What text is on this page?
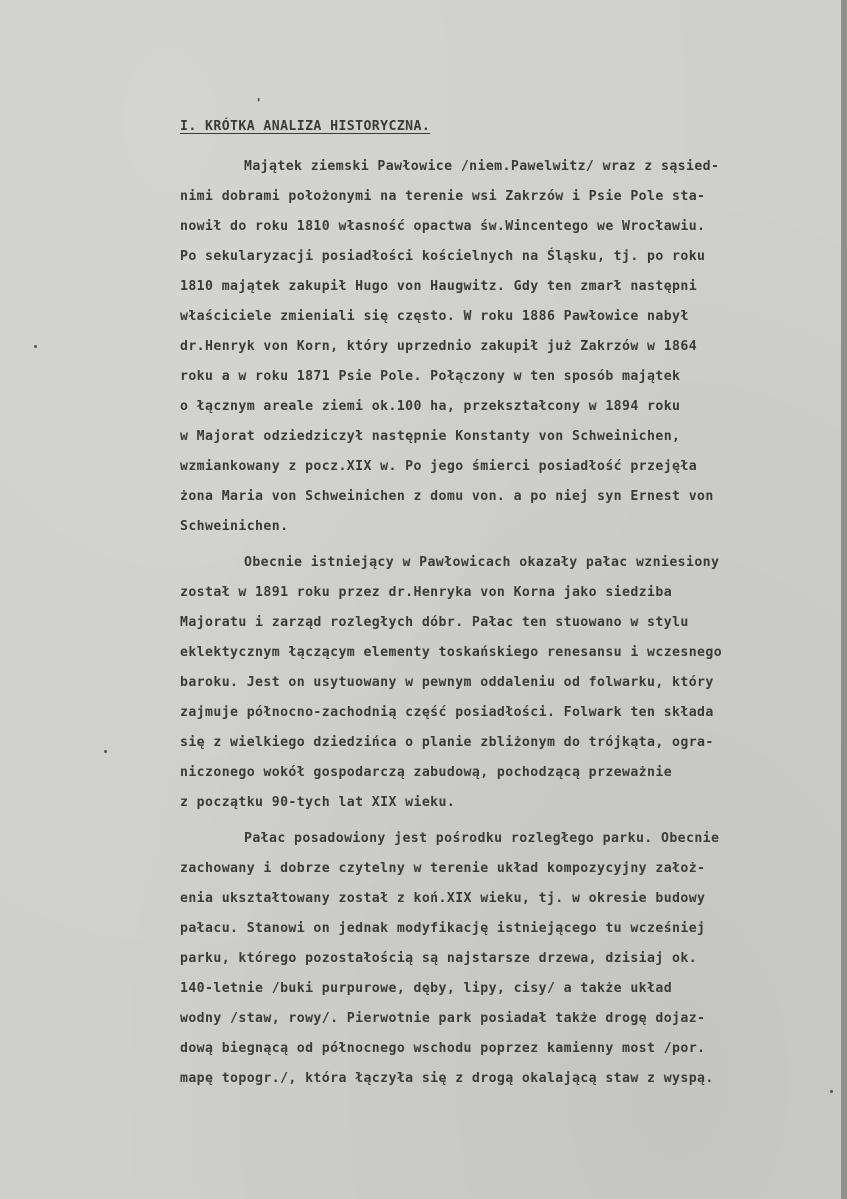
'
I. KRÓTKA ANALIZA HISTORYCZNA.
Majątek ziemski Pawłowice /niem.Pawelwitz/ wraz z sąsied-
nimi dobrami położonymi na terenie wsi Zakrzów i Psie Pole sta-
nowił do roku 1810 własność opactwa św.Wincentego we Wrocławiu.
Po sekularyzacji posiadłości kościelnych na Śląsku, tj. po roku
1810 majątek zakupił Hugo von Haugwitz. Gdy ten zmarł następni
właściciele zmieniali się często. W roku 1886 Pawłowice nabył
dr.Henryk von Korn, który uprzednio zakupił już Zakrzów w 1864
roku a w roku 1871 Psie Pole. Połączony w ten sposób majątek
o łącznym areale ziemi ok.100 ha, przekształcony w 1894 roku
w Majorat odziedziczył następnie Konstanty von Schweinichen,
wzmiankowany z pocz.XIX w. Po jego śmierci posiadłość przejęła
żona Maria von Schweinichen z domu von. a po niej syn Ernest von
Schweinichen.
Obecnie istniejący w Pawłowicach okazały pałac wzniesiony
został w 1891 roku przez dr.Henryka von Korna jako siedziba
Majoratu i zarząd rozległych dóbr. Pałac ten stuowano w stylu
eklektycznym łączącym elementy toskańskiego renesansu i wczesnego
baroku. Jest on usytuowany w pewnym oddaleniu od folwarku, który
zajmuje północno-zachodnią część posiadłości. Folwark ten składa
się z wielkiego dziedzińca o planie zbliżonym do trójkąta, ogra-
niczonego wokół gospodarczą zabudową, pochodzącą przeważnie
z początku 90-tych lat XIX wieku.
Pałac posadowiony jest pośrodku rozległego parku. Obecnie
zachowany i dobrze czytelny w terenie układ kompozycyjny założ-
enia ukształtowany został z koń.XIX wieku, tj. w okresie budowy
pałacu. Stanowi on jednak modyfikację istniejącego tu wcześniej
parku, którego pozostałością są najstarsze drzewa, dzisiaj ok.
140-letnie /buki purpurowe, dęby, lipy, cisy/ a także układ
wodny /staw, rowy/. Pierwotnie park posiadał także drogę dojaz-
dową biegnącą od północnego wschodu poprzez kamienny most /por.
mapę topogr./, która łączyła się z drogą okalającą staw z wyspą.
